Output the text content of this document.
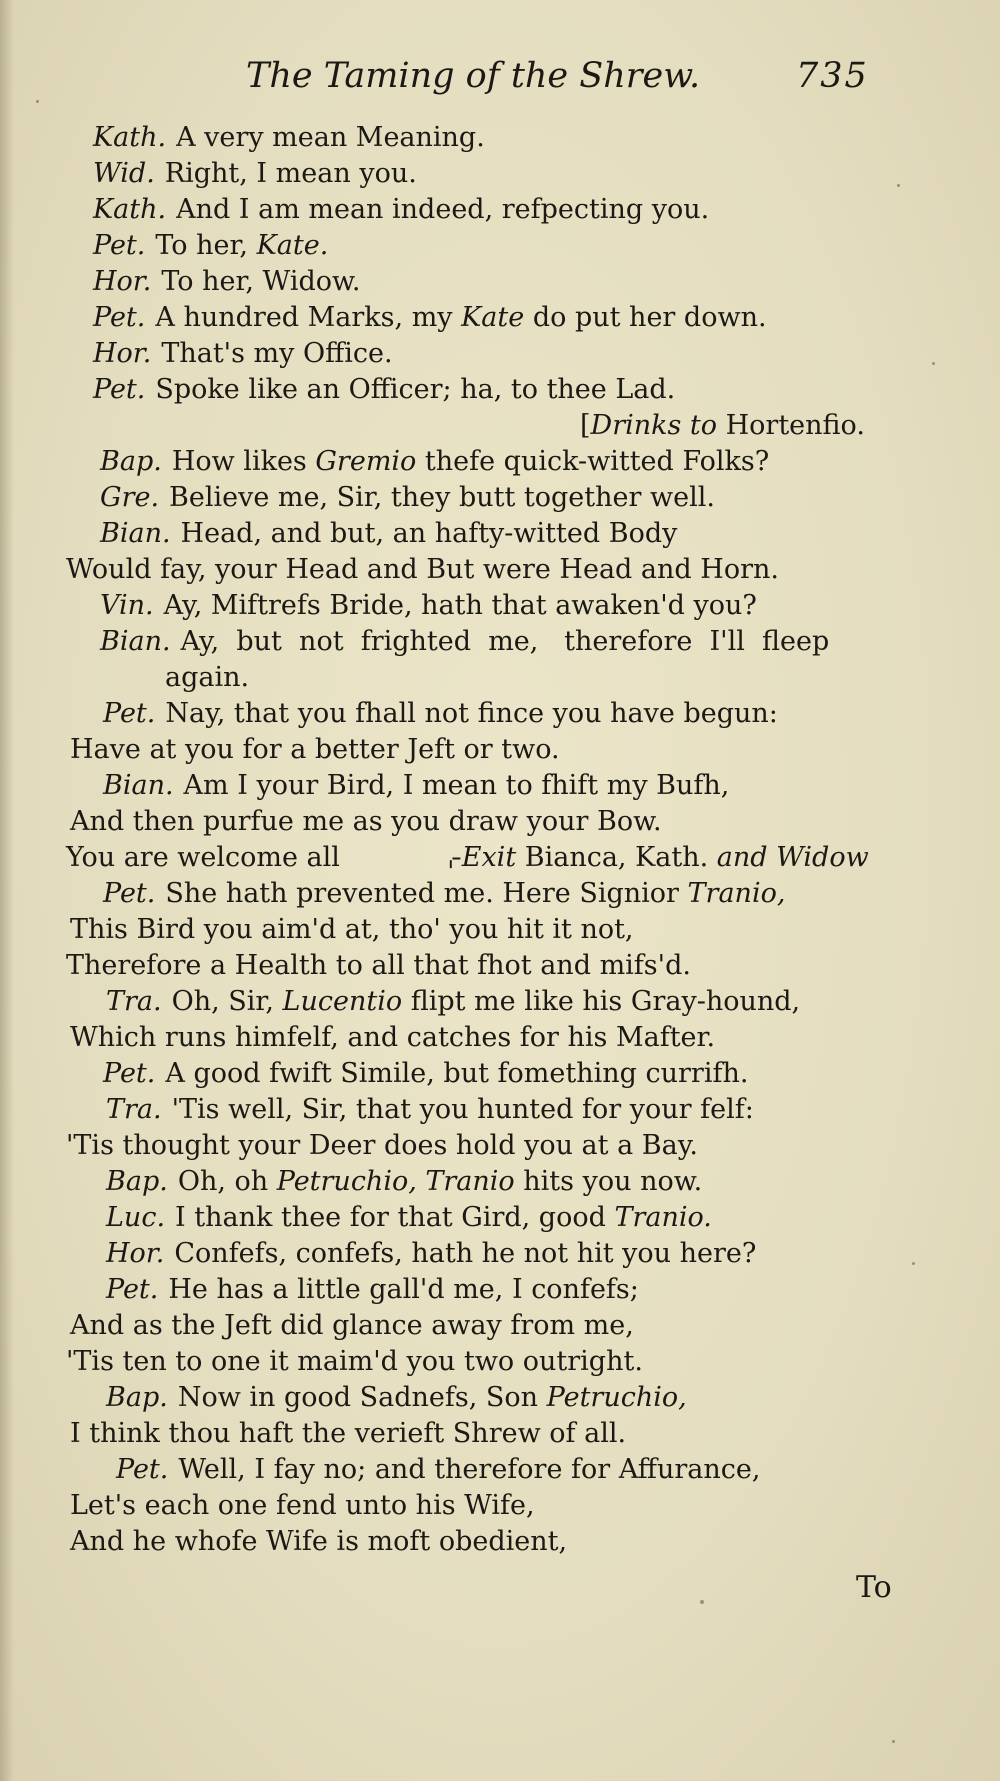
The Taming of the Shrew.	735
Kath. A very mean Meaning.
Wid. Right, I mean you.
Kath. And I am mean indeed, refpecting you.
Pet. To her, Kate.
Hor. To her, Widow.
Pet. A hundred Marks, my Kate do put her down.
Hor. That's my Office.
Pet. Spoke like an Officer; ha, to thee Lad.
[Drinks to Hortenfio.
Bap. How likes Gremio thefe quick-witted Folks?
Gre. Believe me, Sir, they butt together well.
Bian. Head, and but, an hafty-witted Body
Would fay, your Head and But were Head and Horn.
Vin. Ay, Miftrefs Bride, hath that awaken'd you?
Bian. Ay,  but  not  frighted  me,   therefore  I'll  fleep
again.
Pet. Nay, that you fhall not fince you have begun:
Have at you for a better Jeft or two.
Bian. Am I your Bird, I mean to fhift my Bufh,
And then purfue me as you draw your Bow.
You are welcome all	⌌Exit Bianca, Kath. and Widow
Pet. She hath prevented me. Here Signior Tranio,
This Bird you aim'd at, tho' you hit it not,
Therefore a Health to all that fhot and mifs'd.
Tra. Oh, Sir, Lucentio flipt me like his Gray-hound,
Which runs himfelf, and catches for his Mafter.
Pet. A good fwift Simile, but fomething currifh.
Tra. 'Tis well, Sir, that you hunted for your felf:
'Tis thought your Deer does hold you at a Bay.
Bap. Oh, oh Petruchio, Tranio hits you now.
Luc. I thank thee for that Gird, good Tranio.
Hor. Confefs, confefs, hath he not hit you here?
Pet. He has a little gall'd me, I confefs;
And as the Jeft did glance away from me,
'Tis ten to one it maim'd you two outright.
Bap. Now in good Sadnefs, Son Petruchio,
I think thou haft the verieft Shrew of all.
Pet. Well, I fay no; and therefore for Affurance,
Let's each one fend unto his Wife,
And he whofe Wife is moft obedient,
To
